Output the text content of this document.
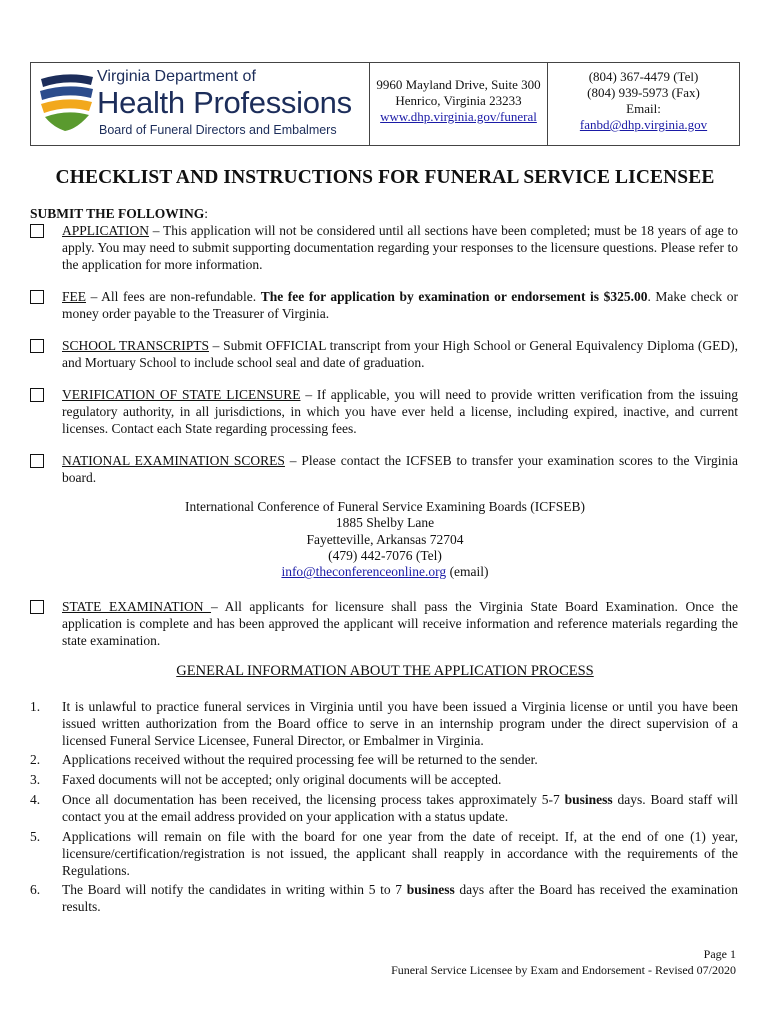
Virginia Department of
Health Professions
Board of Funeral Directors and Embalmers
9960 Mayland Drive, Suite 300
Henrico, Virginia 23233
www.dhp.virginia.gov/funeral
(804) 367-4479 (Tel)
(804) 939-5973 (Fax)
Email:
fanbd@dhp.virginia.gov
CHECKLIST AND INSTRUCTIONS FOR FUNERAL SERVICE LICENSEE
SUBMIT THE FOLLOWING:
APPLICATION – This application will not be considered until all sections have been completed; must be 18 years of age to apply. You may need to submit supporting documentation regarding your responses to the licensure questions. Please refer to the application for more information.
FEE – All fees are non-refundable. The fee for application by examination or endorsement is $325.00. Make check or money order payable to the Treasurer of Virginia.
SCHOOL TRANSCRIPTS – Submit OFFICIAL transcript from your High School or General Equivalency Diploma (GED), and Mortuary School to include school seal and date of graduation.
VERIFICATION OF STATE LICENSURE – If applicable, you will need to provide written verification from the issuing regulatory authority, in all jurisdictions, in which you have ever held a license, including expired, inactive, and current licenses. Contact each State regarding processing fees.
NATIONAL EXAMINATION SCORES – Please contact the ICFSEB to transfer your examination scores to the Virginia board.
International Conference of Funeral Service Examining Boards (ICFSEB)
1885 Shelby Lane
Fayetteville, Arkansas 72704
(479) 442-7076 (Tel)
info@theconferenceonline.org (email)
STATE EXAMINATION – All applicants for licensure shall pass the Virginia State Board Examination. Once the application is complete and has been approved the applicant will receive information and reference materials regarding the state examination.
GENERAL INFORMATION ABOUT THE APPLICATION PROCESS
1. It is unlawful to practice funeral services in Virginia until you have been issued a Virginia license or until you have been issued written authorization from the Board office to serve in an internship program under the direct supervision of a licensed Funeral Service Licensee, Funeral Director, or Embalmer in Virginia.
2. Applications received without the required processing fee will be returned to the sender.
3. Faxed documents will not be accepted; only original documents will be accepted.
4. Once all documentation has been received, the licensing process takes approximately 5-7 business days. Board staff will contact you at the email address provided on your application with a status update.
5. Applications will remain on file with the board for one year from the date of receipt. If, at the end of one (1) year, licensure/certification/registration is not issued, the applicant shall reapply in accordance with the requirements of the Regulations.
6. The Board will notify the candidates in writing within 5 to 7 business days after the Board has received the examination results.
Page 1
Funeral Service Licensee by Exam and Endorsement - Revised 07/2020
